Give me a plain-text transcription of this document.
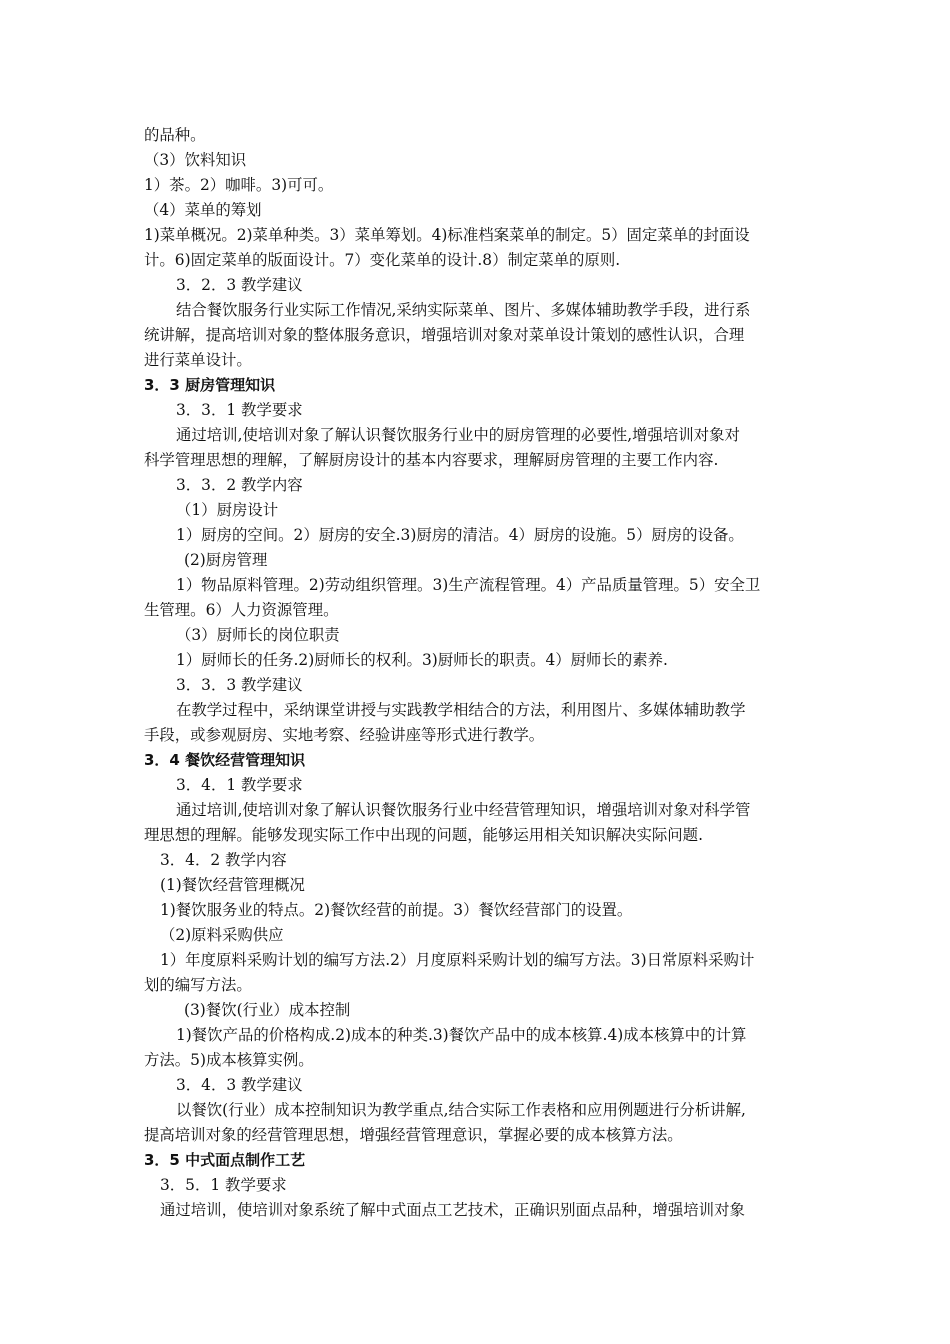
的品种。
（3）饮料知识
1）茶。2）咖啡。3)可可。
（4）菜单的筹划
1)菜单概况。2)菜单种类。3）菜单筹划。4)标准档案菜单的制定。5）固定菜单的封面设
计。6)固定菜单的版面设计。7）变化菜单的设计.8）制定菜单的原则.
3．2．3 教学建议
结合餐饮服务行业实际工作情况,采纳实际菜单、图片、多媒体辅助教学手段，进行系
统讲解，提高培训对象的整体服务意识，增强培训对象对菜单设计策划的感性认识，合理
进行菜单设计。
3．3 厨房管理知识
3．3．1 教学要求
通过培训,使培训对象了解认识餐饮服务行业中的厨房管理的必要性,增强培训对象对
科学管理思想的理解，了解厨房设计的基本内容要求，理解厨房管理的主要工作内容.
3．3．2 教学内容
（1）厨房设计
1）厨房的空间。2）厨房的安全.3)厨房的清洁。4）厨房的设施。5）厨房的设备。
(2)厨房管理
1）物品原料管理。2)劳动组织管理。3)生产流程管理。4）产品质量管理。5）安全卫
生管理。6）人力资源管理。
（3）厨师长的岗位职责
1）厨师长的任务.2)厨师长的权利。3)厨师长的职责。4）厨师长的素养.
3．3．3 教学建议
在教学过程中，采纳课堂讲授与实践教学相结合的方法，利用图片、多媒体辅助教学
手段，或参观厨房、实地考察、经验讲座等形式进行教学。
3．4 餐饮经营管理知识
3．4．1 教学要求
通过培训,使培训对象了解认识餐饮服务行业中经营管理知识，增强培训对象对科学管
理思想的理解。能够发现实际工作中出现的问题，能够运用相关知识解决实际问题.
3．4．2 教学内容
(1)餐饮经营管理概况
1)餐饮服务业的特点。2)餐饮经营的前提。3）餐饮经营部门的设置。
（2)原料采购供应
1）年度原料采购计划的编写方法.2）月度原料采购计划的编写方法。3)日常原料采购计
划的编写方法。
(3)餐饮(行业）成本控制
1)餐饮产品的价格构成.2)成本的种类.3)餐饮产品中的成本核算.4)成本核算中的计算
方法。5)成本核算实例。
3．4．3 教学建议
以餐饮(行业）成本控制知识为教学重点,结合实际工作表格和应用例题进行分析讲解,
提高培训对象的经营管理思想，增强经营管理意识，掌握必要的成本核算方法。
3．5 中式面点制作工艺
3．5．1 教学要求
通过培训，使培训对象系统了解中式面点工艺技术，正确识别面点品种，增强培训对象
